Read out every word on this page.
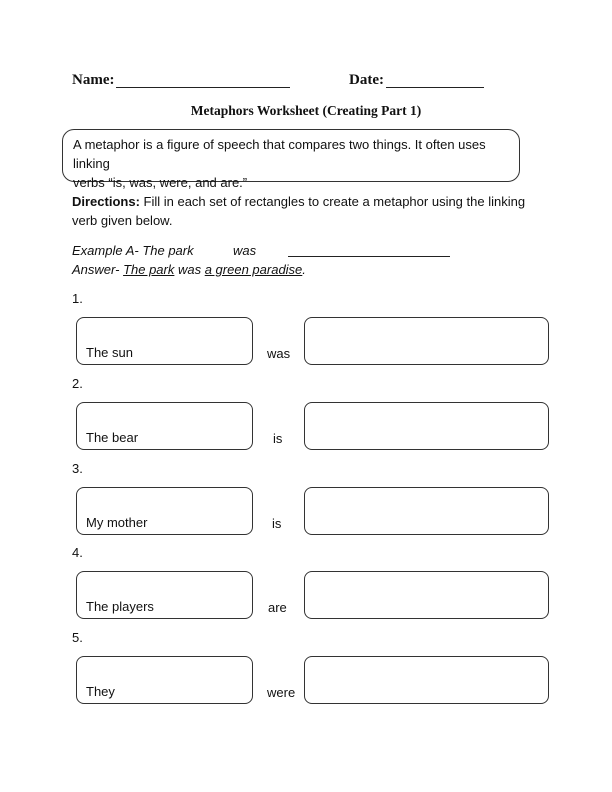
Name:	Date:
Metaphors Worksheet (Creating Part 1)
A metaphor is a figure of speech that compares two things. It often uses linking
verbs “is, was, were, and are.”
Directions: Fill in each set of rectangles to create a metaphor using the linking
verb given below.
Example A- The park	was
Answer- The park was a green paradise.
1.
The sun	was
2.
The bear	is
3.
My mother	is
4.
The players	are
5.
They	were
